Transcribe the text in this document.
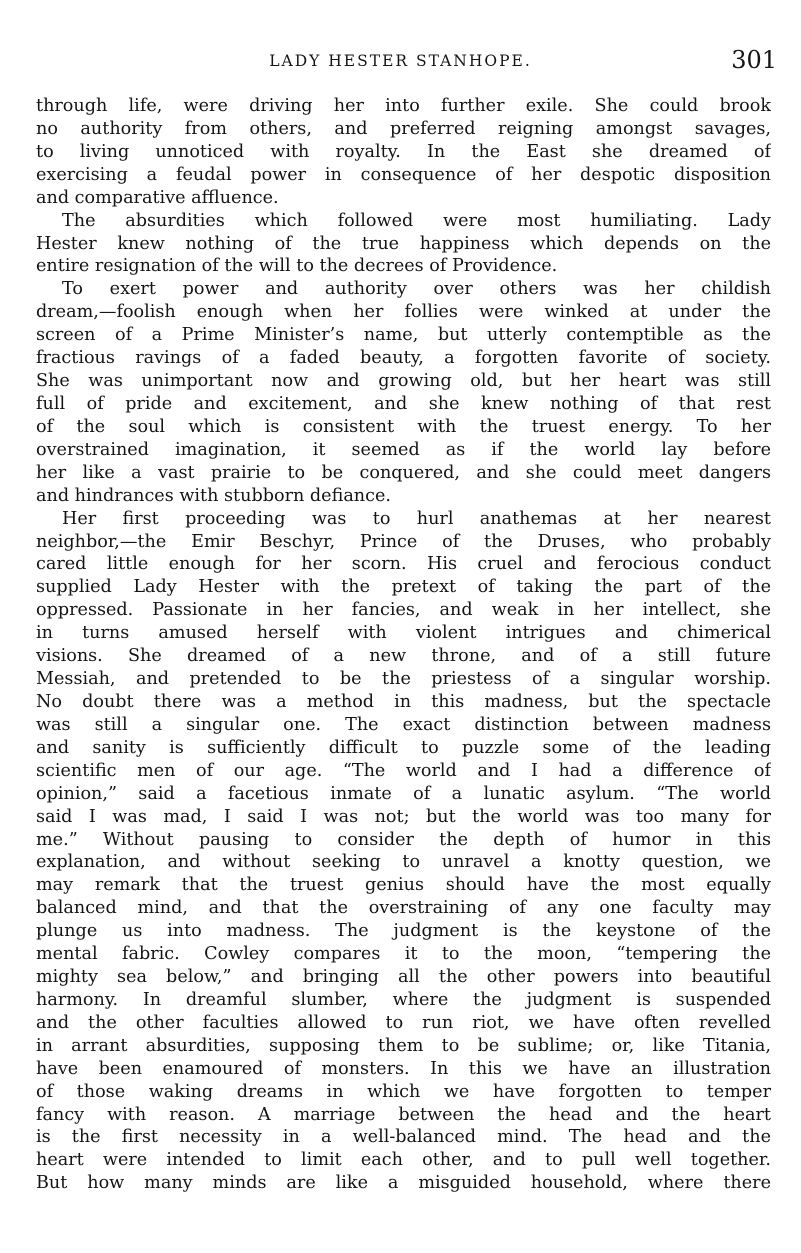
LADY HESTER STANHOPE.	301
through life, were driving her into further exile. She could brook
no authority from others, and preferred reigning amongst savages,
to living unnoticed with royalty. In the East she dreamed of
exercising a feudal power in consequence of her despotic disposition
and comparative affluence.
The absurdities which followed were most humiliating. Lady
Hester knew nothing of the true happiness which depends on the
entire resignation of the will to the decrees of Providence.
To exert power and authority over others was her childish
dream,—foolish enough when her follies were winked at under the
screen of a Prime Minister’s name, but utterly contemptible as the
fractious ravings of a faded beauty, a forgotten favorite of society.
She was unimportant now and growing old, but her heart was still
full of pride and excitement, and she knew nothing of that rest
of the soul which is consistent with the truest energy. To her
overstrained imagination, it seemed as if the world lay before
her like a vast prairie to be conquered, and she could meet dangers
and hindrances with stubborn defiance.
Her first proceeding was to hurl anathemas at her nearest
neighbor,—the Emir Beschyr, Prince of the Druses, who probably
cared little enough for her scorn. His cruel and ferocious conduct
supplied Lady Hester with the pretext of taking the part of the
oppressed. Passionate in her fancies, and weak in her intellect, she
in turns amused herself with violent intrigues and chimerical
visions. She dreamed of a new throne, and of a still future
Messiah, and pretended to be the priestess of a singular worship.
No doubt there was a method in this madness, but the spectacle
was still a singular one. The exact distinction between madness
and sanity is sufficiently difficult to puzzle some of the leading
scientific men of our age. “The world and I had a difference of
opinion,” said a facetious inmate of a lunatic asylum. “The world
said I was mad, I said I was not; but the world was too many for
me.” Without pausing to consider the depth of humor in this
explanation, and without seeking to unravel a knotty question, we
may remark that the truest genius should have the most equally
balanced mind, and that the overstraining of any one faculty may
plunge us into madness. The judgment is the keystone of the
mental fabric. Cowley compares it to the moon, “tempering the
mighty sea below,” and bringing all the other powers into beautiful
harmony. In dreamful slumber, where the judgment is suspended
and the other faculties allowed to run riot, we have often revelled
in arrant absurdities, supposing them to be sublime; or, like Titania,
have been enamoured of monsters. In this we have an illustration
of those waking dreams in which we have forgotten to temper
fancy with reason. A marriage between the head and the heart
is the first necessity in a well-balanced mind. The head and the
heart were intended to limit each other, and to pull well together.
But how many minds are like a misguided household, where there
